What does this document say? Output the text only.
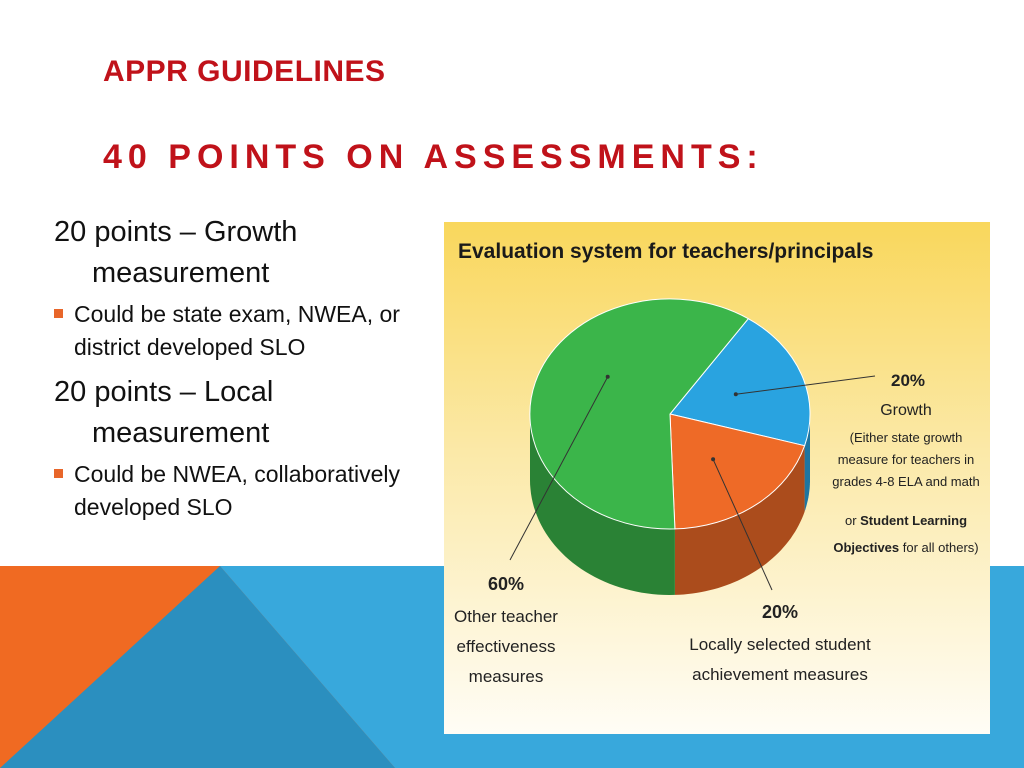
APPR GUIDELINES
40 POINTS ON ASSESSMENTS:

20 points – Growth measurement

Could be state exam, NWEA, or district developed SLO

20 points – Local measurement

Could be NWEA, collaboratively developed SLO

Evaluation system for teachers/principals
20%
Growth
(Either state growth
measure for teachers in
grades 4-8 ELA and math
or Student Learning
Objectives for all others)
20%
Locally selected student
achievement measures
60%
Other teacher
effectiveness
measures
